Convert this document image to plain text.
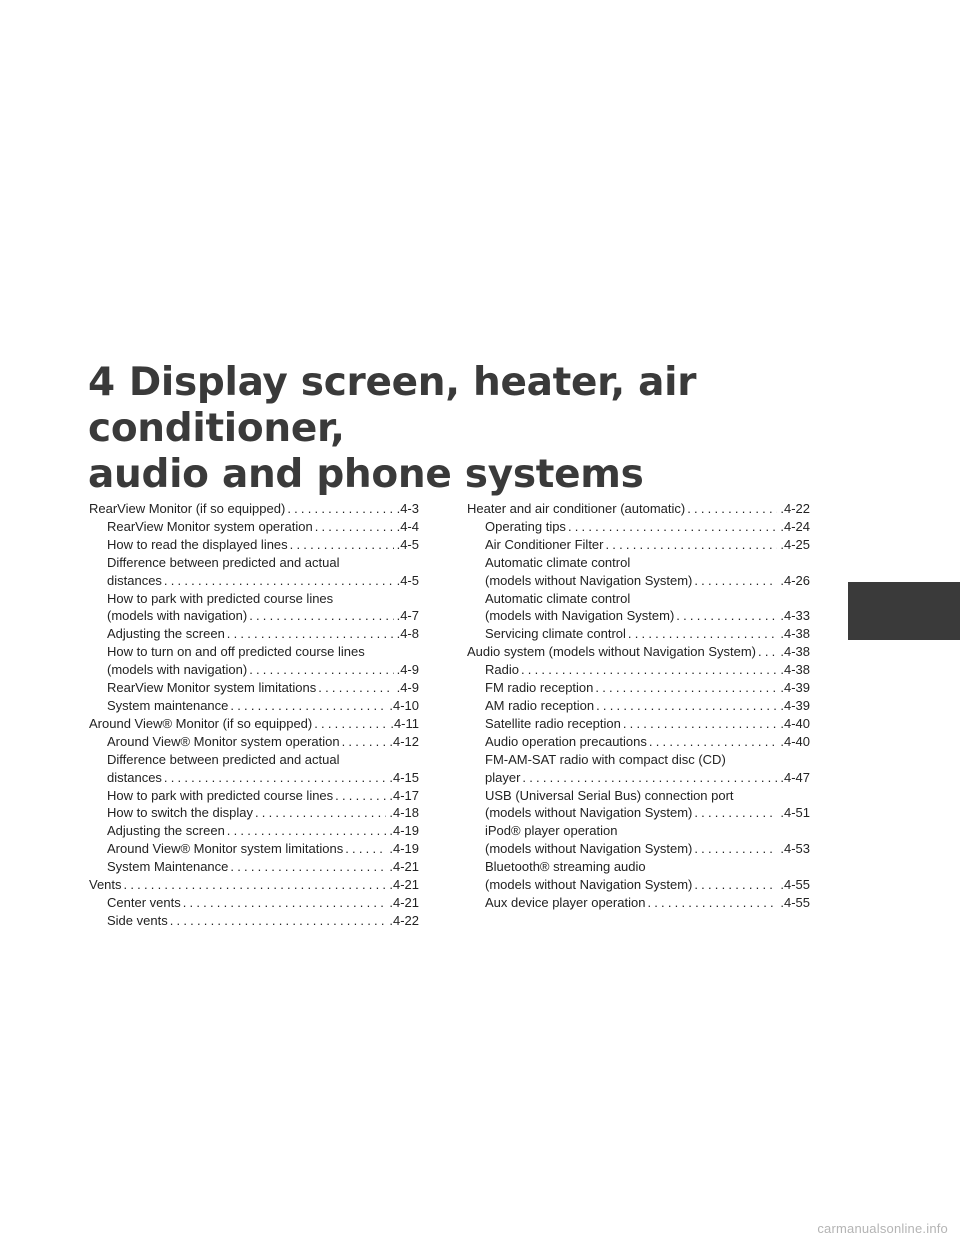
4 Display screen, heater, air conditioner,
audio and phone systems
RearView Monitor (if so equipped) .....	.4-3
RearView Monitor system operation .....	.4-4
How to read the displayed lines .....	.4-5
Difference between predicted and actual
distances .....	.4-5
How to park with predicted course lines
(models with navigation) .....	.4-7
Adjusting the screen .....	.4-8
How to turn on and off predicted course lines
(models with navigation) .....	.4-9
RearView Monitor system limitations .....	.4-9
System maintenance .....	.4-10
Around View® Monitor (if so equipped) .....	.4-11
Around View® Monitor system operation .....	.4-12
Difference between predicted and actual
distances .....	.4-15
How to park with predicted course lines .....	.4-17
How to switch the display .....	.4-18
Adjusting the screen .....	.4-19
Around View® Monitor system limitations .....	.4-19
System Maintenance .....	.4-21
Vents .....	.4-21
Center vents .....	.4-21
Side vents .....	.4-22
Heater and air conditioner (automatic) .....	.4-22
Operating tips .....	.4-24
Air Conditioner Filter .....	.4-25
Automatic climate control
(models without Navigation System) .....	.4-26
Automatic climate control
(models with Navigation System) .....	.4-33
Servicing climate control .....	.4-38
Audio system (models without Navigation System) ..... .4-38
Radio .....	.4-38
FM radio reception .....	.4-39
AM radio reception .....	.4-39
Satellite radio reception .....	.4-40
Audio operation precautions .....	.4-40
FM-AM-SAT radio with compact disc (CD)
player .....	.4-47
USB (Universal Serial Bus) connection port
(models without Navigation System) .....	.4-51
iPod® player operation
(models without Navigation System) .....	.4-53
Bluetooth® streaming audio
(models without Navigation System) .....	.4-55
Aux device player operation .....	.4-55
carmanualsonline.info
